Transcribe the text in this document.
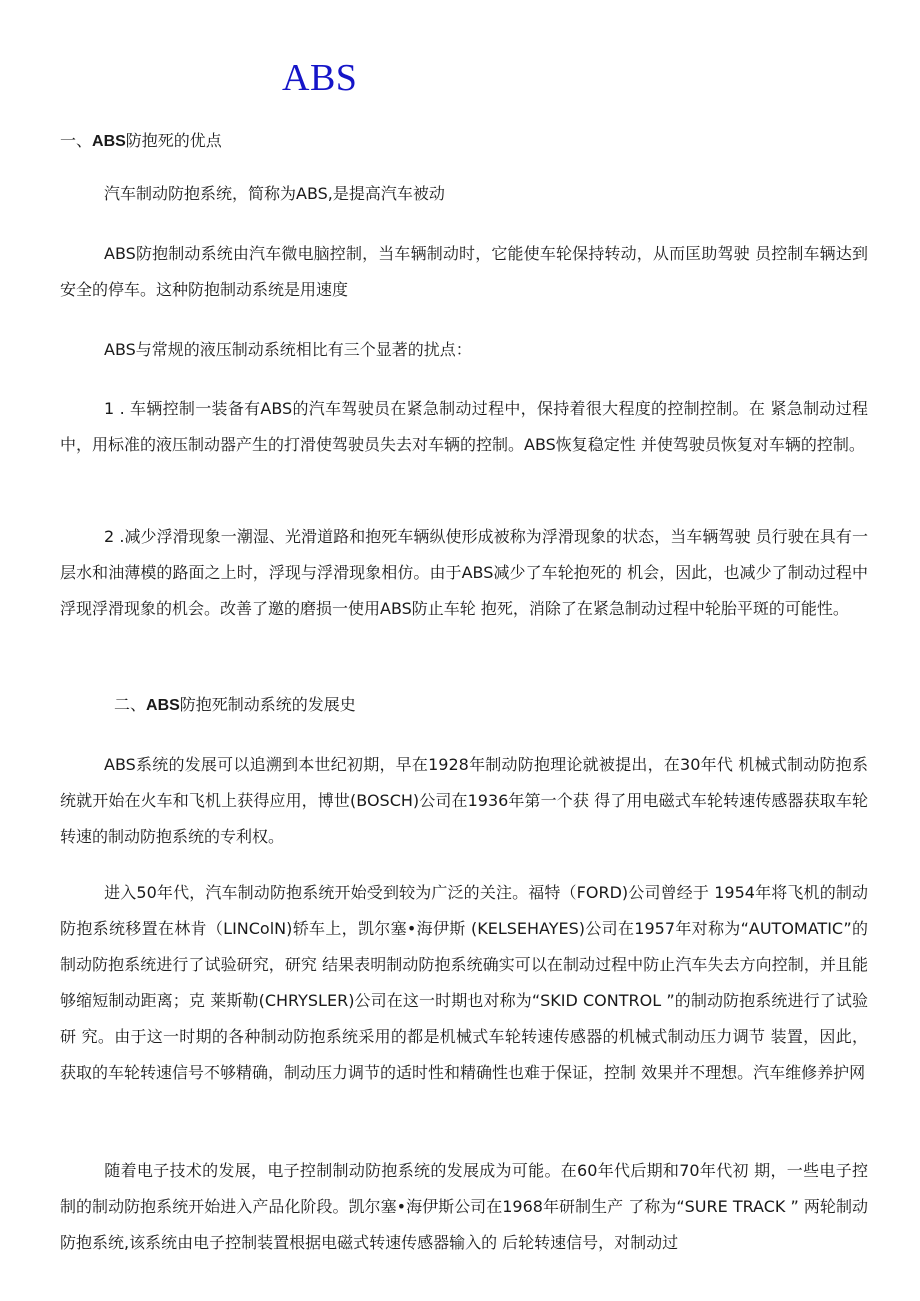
ABS
一、ABS防抱死的优点

汽车制动防抱系统，简称为ABS,是提高汽车被动

ABS防抱制动系统由汽车微电脑控制，当车辆制动时，它能使车轮保持转动，从而匡助驾驶 员控制车辆达到安全的停车。这种防抱制动系统是用速度

ABS与常规的液压制动系统相比有三个显著的扰点：

1 . 车辆控制一装备有ABS的汽车驾驶员在紧急制动过程中，保持着很大程度的控制控制。在 紧急制动过程中，用标准的液压制动器产生的打滑使驾驶员失去对车辆的控制。ABS恢复稳定性 并使驾驶员恢复对车辆的控制。

2 .减少浮滑现象一潮湿、光滑道路和抱死车辆纵使形成被称为浮滑现象的状态，当车辆驾驶 员行驶在具有一层水和油薄模的路面之上时，浮现与浮滑现象相仿。由于ABS减少了车轮抱死的 机会，因此，也减少了制动过程中浮现浮滑现象的机会。改善了邀的磨损一使用ABS防止车轮 抱死，消除了在紧急制动过程中轮胎平斑的可能性。

二、ABS防抱死制动系统的发展史

ABS系统的发展可以追溯到本世纪初期，早在1928年制动防抱理论就被提出，在30年代 机械式制动防抱系统就开始在火车和飞机上获得应用，博世(BOSCH)公司在1936年第一个获 得了用电磁式车轮转速传感器获取车轮转速的制动防抱系统的专利权。

进入50年代，汽车制动防抱系统开始受到较为广泛的关注。福特（FORD)公司曾经于 1954年将飞机的制动防抱系统移置在林肯（LINColN)轿车上，凯尔塞•海伊斯 (KELSEHAYES)公司在1957年对称为“AUTOMATIC”的制动防抱系统进行了试验研究，研究 结果表明制动防抱系统确实可以在制动过程中防止汽车失去方向控制，并且能够缩短制动距离；克 莱斯勒(CHRYSLER)公司在这一时期也对称为“SKID CONTROL ”的制动防抱系统进行了试验研 究。由于这一时期的各种制动防抱系统采用的都是机械式车轮转速传感器的机械式制动压力调节 装置，因此，获取的车轮转速信号不够精确，制动压力调节的适时性和精确性也难于保证，控制 效果并不理想。汽车维修养护网

随着电子技术的发展，电子控制制动防抱系统的发展成为可能。在60年代后期和70年代初 期，一些电子控制的制动防抱系统开始进入产品化阶段。凯尔塞•海伊斯公司在1968年研制生产 了称为“SURE TRACK ” 两轮制动防抱系统,该系统由电子控制装置根据电磁式转速传感器输入的 后轮转速信号，对制动过
